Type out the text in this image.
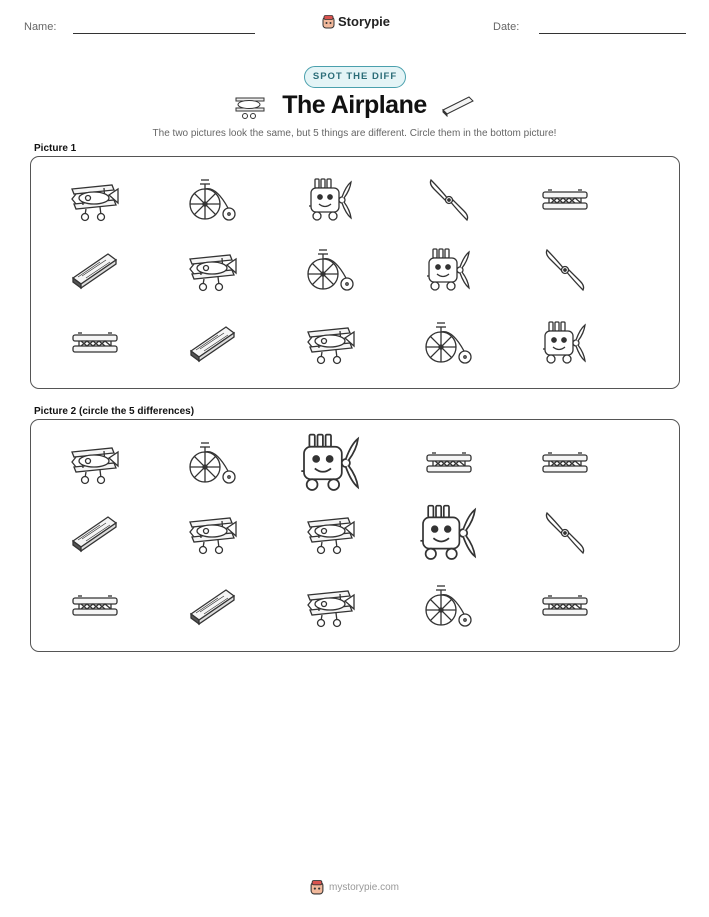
Name:	Storypie	Date:
SPOT THE DIFF
The Airplane
The two pictures look the same, but 5 things are different. Circle them in the bottom picture!
Picture 1
Picture 2 (circle the 5 differences)
mystorypie.com
